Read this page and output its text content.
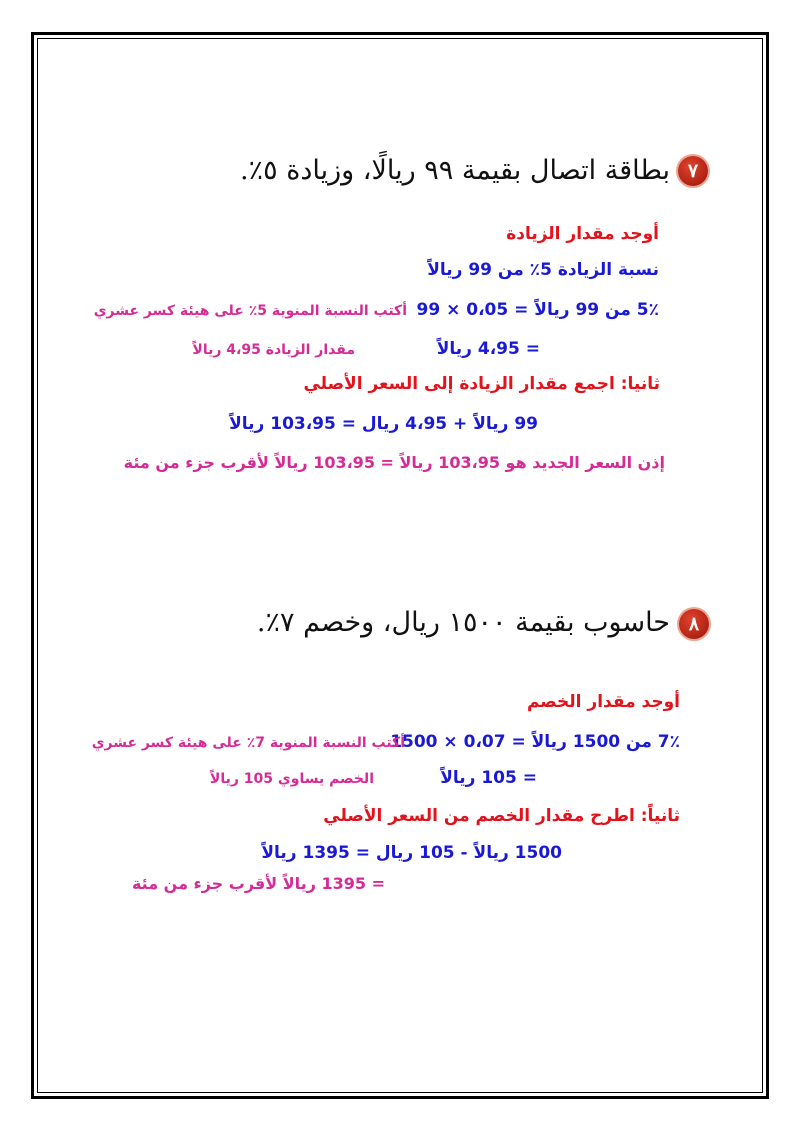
٧
بطاقة اتصال بقيمة ٩٩ ريالًا، وزيادة ٥٪.
أوجد مقدار الزيادة
نسبة الزيادة 5٪ من 99 ريالاً
5٪ من 99 ريالاً = 0،05 × 99
أكتب النسبة المنوية 5٪ على هيئة كسر عشري
= 4،95 ريالاً
مقدار الزيادة 4،95 ريالاً
ثانيا: اجمع مقدار الزيادة إلى السعر الأصلي
99 ريالاً + 4،95 ريال = 103،95 ريالاً
إذن السعر الجديد هو 103،95 ريالاً = 103،95 ريالاً لأقرب جزء من مئة
٨
حاسوب بقيمة ١٥٠٠ ريال، وخصم ٧٪.
أوجد مقدار الخصم
7٪ من 1500 ريالاً = 0،07 × 1500
أكتب النسبة المنوية 7٪ على هيئة كسر عشري
= 105 ريالاً
الخصم يساوي 105 ريالاً
ثانياً: اطرح مقدار الخصم من السعر الأصلي
1500 ريالاً - 105 ريال = 1395 ريالاً
= 1395 ريالاً لأقرب جزء من مئة
